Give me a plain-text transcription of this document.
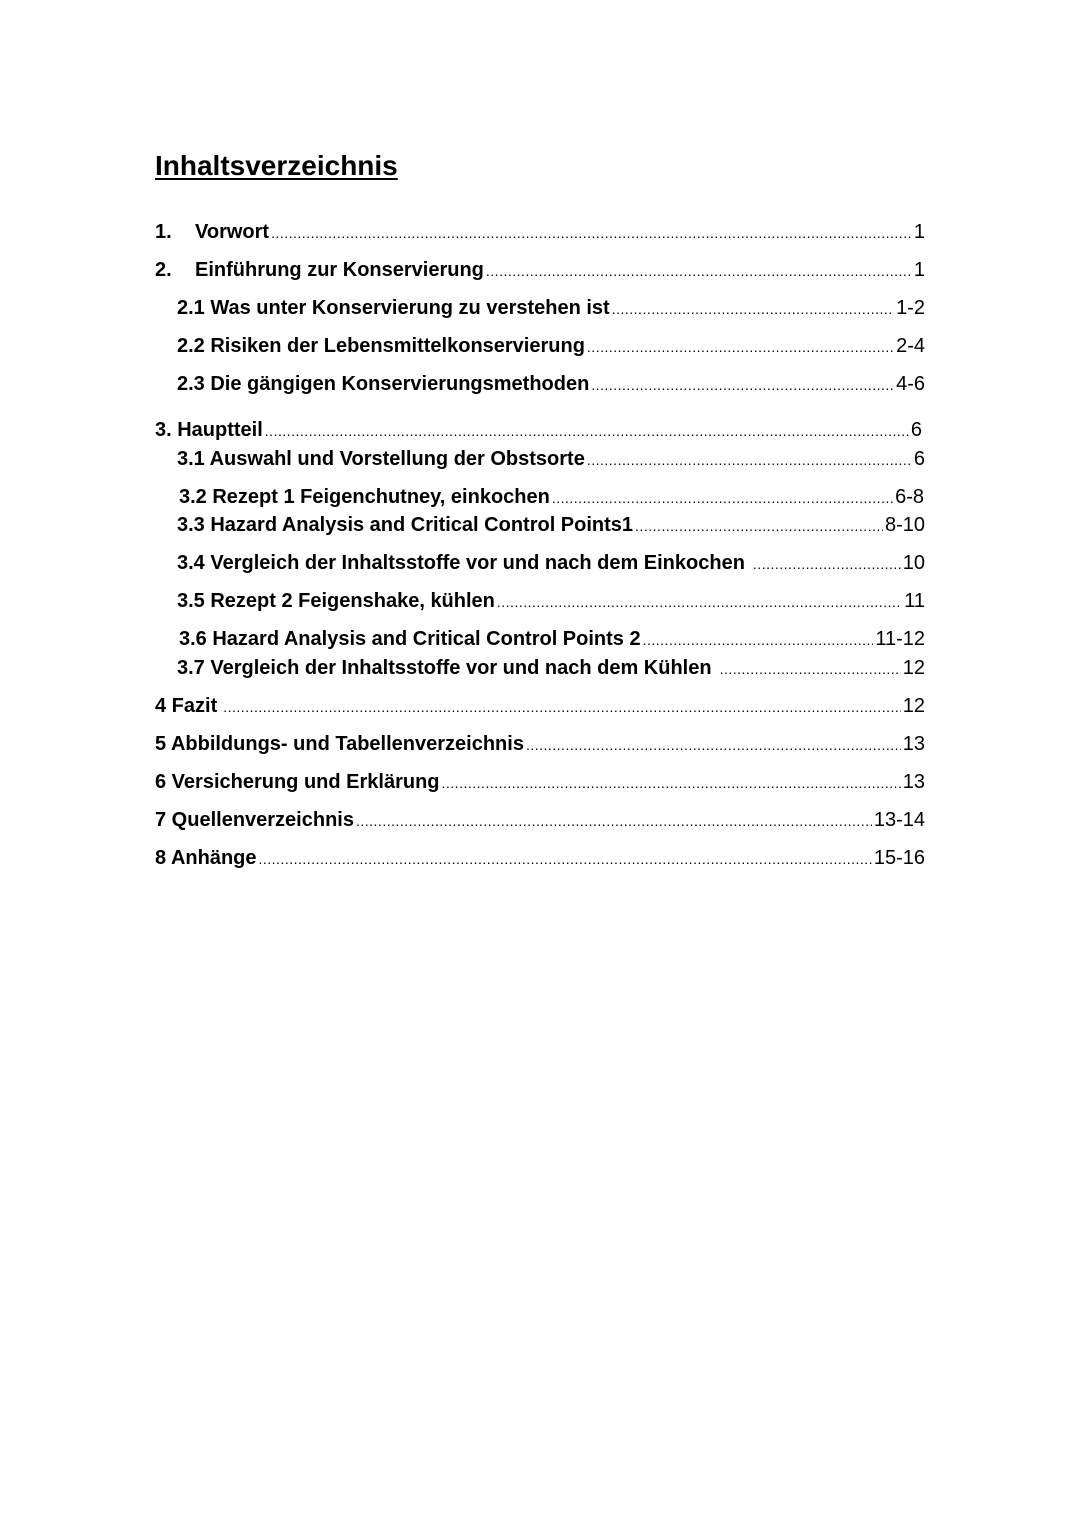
Inhaltsverzeichnis
1.	Vorwort .....	1
2.	Einführung zur Konservierung .....	1
2.1 Was unter Konservierung zu verstehen ist .....	1-2
2.2 Risiken der Lebensmittelkonservierung .....	2-4
2.3 Die gängigen Konservierungsmethoden .....	4-6
3. Hauptteil .....	6
3.1 Auswahl und Vorstellung der Obstsorte .....	6
3.2 Rezept 1 Feigenchutney, einkochen .....	6-8
3.3 Hazard Analysis and Critical Control Points1 .....	8-10
3.4 Vergleich der Inhaltsstoffe vor und nach dem Einkochen .....	10
3.5 Rezept 2 Feigenshake, kühlen .....	11
3.6 Hazard Analysis and Critical Control Points 2 .....	11-12
3.7 Vergleich der Inhaltsstoffe vor und nach dem Kühlen .....	12
4 Fazit .....	12
5 Abbildungs- und Tabellenverzeichnis .....	13
6 Versicherung und Erklärung .....	13
7 Quellenverzeichnis .....	13-14
8 Anhänge .....	15-16
